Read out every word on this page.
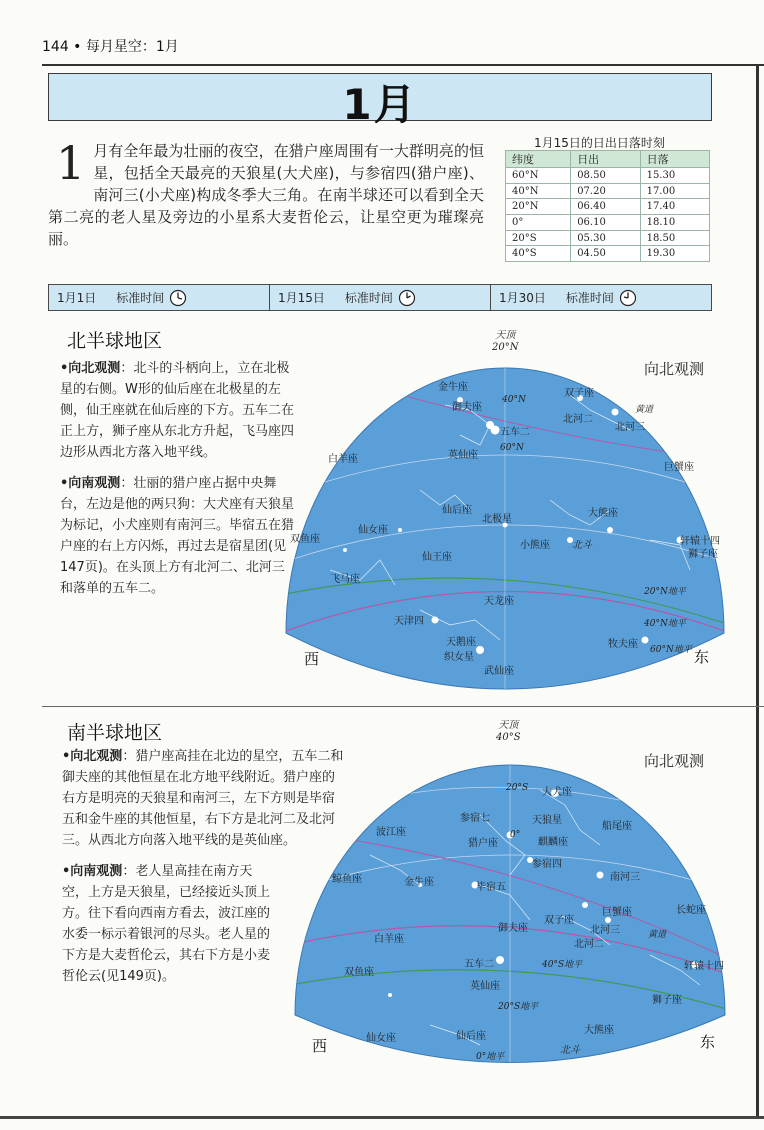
144 • 每月星空：1月
1月
1 月有全年最为壮丽的夜空，在猎户座周围有一大群明亮的恒星，包括全天最亮的天狼星(大犬座)，与参宿四(猎户座)、南河三(小犬座)构成冬季大三角。在南半球还可以看到全天第二亮的老人星及旁边的小星系大麦哲伦云，让星空更为璀璨亮丽。
1月15日的日出日落时刻
纬度	日出	日落
60°N	08.50	15.30
40°N	07.20	17.00
20°N	06.40	17.40
0°	06.10	18.10
20°S	05.30	18.50
40°S	04.50	19.30
1月1日 标准时间	1月15日 标准时间	1月30日 标准时间
北半球地区

•向北观测：北斗的斗柄向上，立在北极星的右侧。W形的仙后座在北极星的左侧，仙王座就在仙后座的下方。五车二在正上方，狮子座从东北方升起，飞马座四边形从西北方落入地平线。

•向南观测：壮丽的猎户座占据中央舞台，左边是他的两只狗：大犬座有天狼星为标记，小犬座则有南河三。毕宿五在猎户座的右上方闪烁，再过去是宿星团(见147页)。在头顶上方有北河二、北河三和落单的五车二。

向北观测
天顶
20°N
金牛座
御夫座
40°N
双子座
北河二
北河三
黄道
五车二
60°N
白羊座	英仙座
巨蟹座
仙后座	大熊座
双鱼座
仙女座
北极星
小熊座 北斗	轩辕十四
狮子座
仙王座
飞马座
天龙座
20°N地平
天津四	40°N地平
天鹅座	牧夫座 60°N地平
织女星
武仙座
西	东
南半球地区

•向北观测：猎户座高挂在北边的星空，五车二和御夫座的其他恒星在北方地平线附近。猎户座的右方是明亮的天狼星和南河三，左下方则是毕宿五和金牛座的其他恒星，右下方是北河二及北河三。从西北方向落入地平线的是英仙座。

•向南观测：老人星高挂在南方天空，上方是天狼星，已经接近头顶上方。往下看向西南方看去，波江座的水委一标示着银河的尽头。老人星的下方是大麦哲伦云，其右下方是小麦哲伦云(见149页)。

向北观测
天顶
40°S
大犬座
20°S
参宿七	天狼星
波江座	0°
猎户座
船尾座
麒麟座
参宿四
鲸鱼座	金牛座	毕宿五
南河三
双子座
御夫座
巨蟹座	长蛇座
北河三
北河二
白羊座	黄道
五车二	40°S地平	轩辕十四
双鱼座
英仙座
20°S地平
狮子座
仙女座	仙后座
大熊座
0°地平
北斗
西	东
